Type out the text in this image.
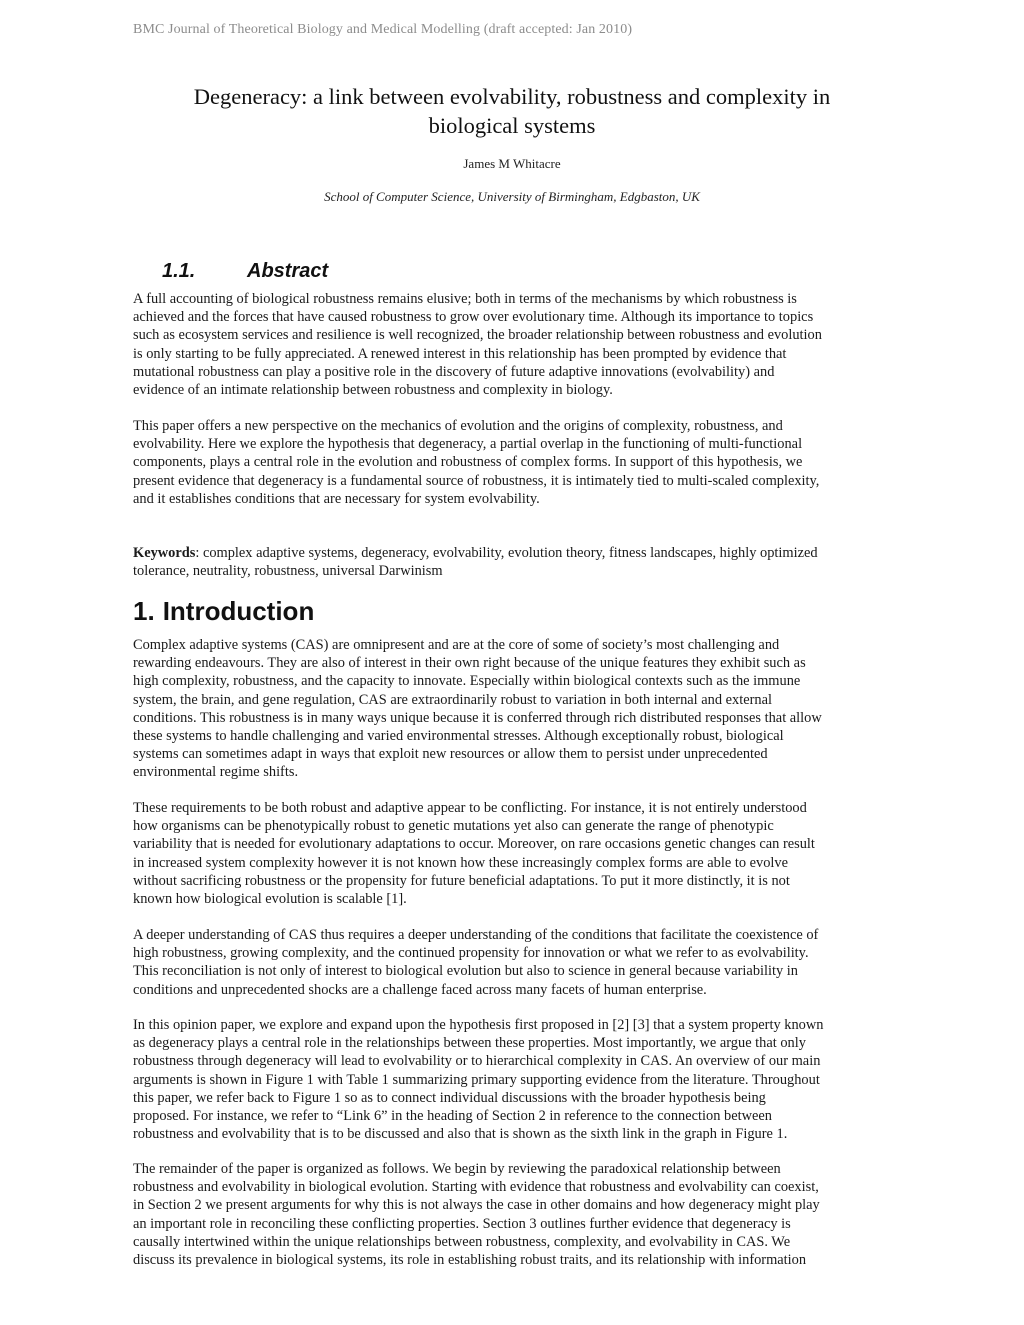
BMC Journal of Theoretical Biology and Medical Modelling (draft accepted: Jan 2010)
Degeneracy: a link between evolvability, robustness and complexity in
biological systems
James M Whitacre
School of Computer Science, University of Birmingham, Edgbaston, UK
1.1.	Abstract
A full accounting of biological robustness remains elusive; both in terms of the mechanisms by which robustness is
achieved and the forces that have caused robustness to grow over evolutionary time. Although its importance to topics
such as ecosystem services and resilience is well recognized, the broader relationship between robustness and evolution
is only starting to be fully appreciated. A renewed interest in this relationship has been prompted by evidence that
mutational robustness can play a positive role in the discovery of future adaptive innovations (evolvability) and
evidence of an intimate relationship between robustness and complexity in biology.
This paper offers a new perspective on the mechanics of evolution and the origins of complexity, robustness, and
evolvability. Here we explore the hypothesis that degeneracy, a partial overlap in the functioning of multi-functional
components, plays a central role in the evolution and robustness of complex forms. In support of this hypothesis, we
present evidence that degeneracy is a fundamental source of robustness, it is intimately tied to multi-scaled complexity,
and it establishes conditions that are necessary for system evolvability.
Keywords: complex adaptive systems, degeneracy, evolvability, evolution theory, fitness landscapes, highly optimized
tolerance, neutrality, robustness, universal Darwinism
1. Introduction
Complex adaptive systems (CAS) are omnipresent and are at the core of some of society’s most challenging and
rewarding endeavours. They are also of interest in their own right because of the unique features they exhibit such as
high complexity, robustness, and the capacity to innovate. Especially within biological contexts such as the immune
system, the brain, and gene regulation, CAS are extraordinarily robust to variation in both internal and external
conditions. This robustness is in many ways unique because it is conferred through rich distributed responses that allow
these systems to handle challenging and varied environmental stresses. Although exceptionally robust, biological
systems can sometimes adapt in ways that exploit new resources or allow them to persist under unprecedented
environmental regime shifts.
These requirements to be both robust and adaptive appear to be conflicting. For instance, it is not entirely understood
how organisms can be phenotypically robust to genetic mutations yet also can generate the range of phenotypic
variability that is needed for evolutionary adaptations to occur. Moreover, on rare occasions genetic changes can result
in increased system complexity however it is not known how these increasingly complex forms are able to evolve
without sacrificing robustness or the propensity for future beneficial adaptations. To put it more distinctly, it is not
known how biological evolution is scalable [1].
A deeper understanding of CAS thus requires a deeper understanding of the conditions that facilitate the coexistence of
high robustness, growing complexity, and the continued propensity for innovation or what we refer to as evolvability.
This reconciliation is not only of interest to biological evolution but also to science in general because variability in
conditions and unprecedented shocks are a challenge faced across many facets of human enterprise.
In this opinion paper, we explore and expand upon the hypothesis first proposed in [2] [3] that a system property known
as degeneracy plays a central role in the relationships between these properties. Most importantly, we argue that only
robustness through degeneracy will lead to evolvability or to hierarchical complexity in CAS. An overview of our main
arguments is shown in Figure 1 with Table 1 summarizing primary supporting evidence from the literature. Throughout
this paper, we refer back to Figure 1 so as to connect individual discussions with the broader hypothesis being
proposed. For instance, we refer to “Link 6” in the heading of Section 2 in reference to the connection between
robustness and evolvability that is to be discussed and also that is shown as the sixth link in the graph in Figure 1.
The remainder of the paper is organized as follows. We begin by reviewing the paradoxical relationship between
robustness and evolvability in biological evolution. Starting with evidence that robustness and evolvability can coexist,
in Section 2 we present arguments for why this is not always the case in other domains and how degeneracy might play
an important role in reconciling these conflicting properties. Section 3 outlines further evidence that degeneracy is
causally intertwined within the unique relationships between robustness, complexity, and evolvability in CAS. We
discuss its prevalence in biological systems, its role in establishing robust traits, and its relationship with information
